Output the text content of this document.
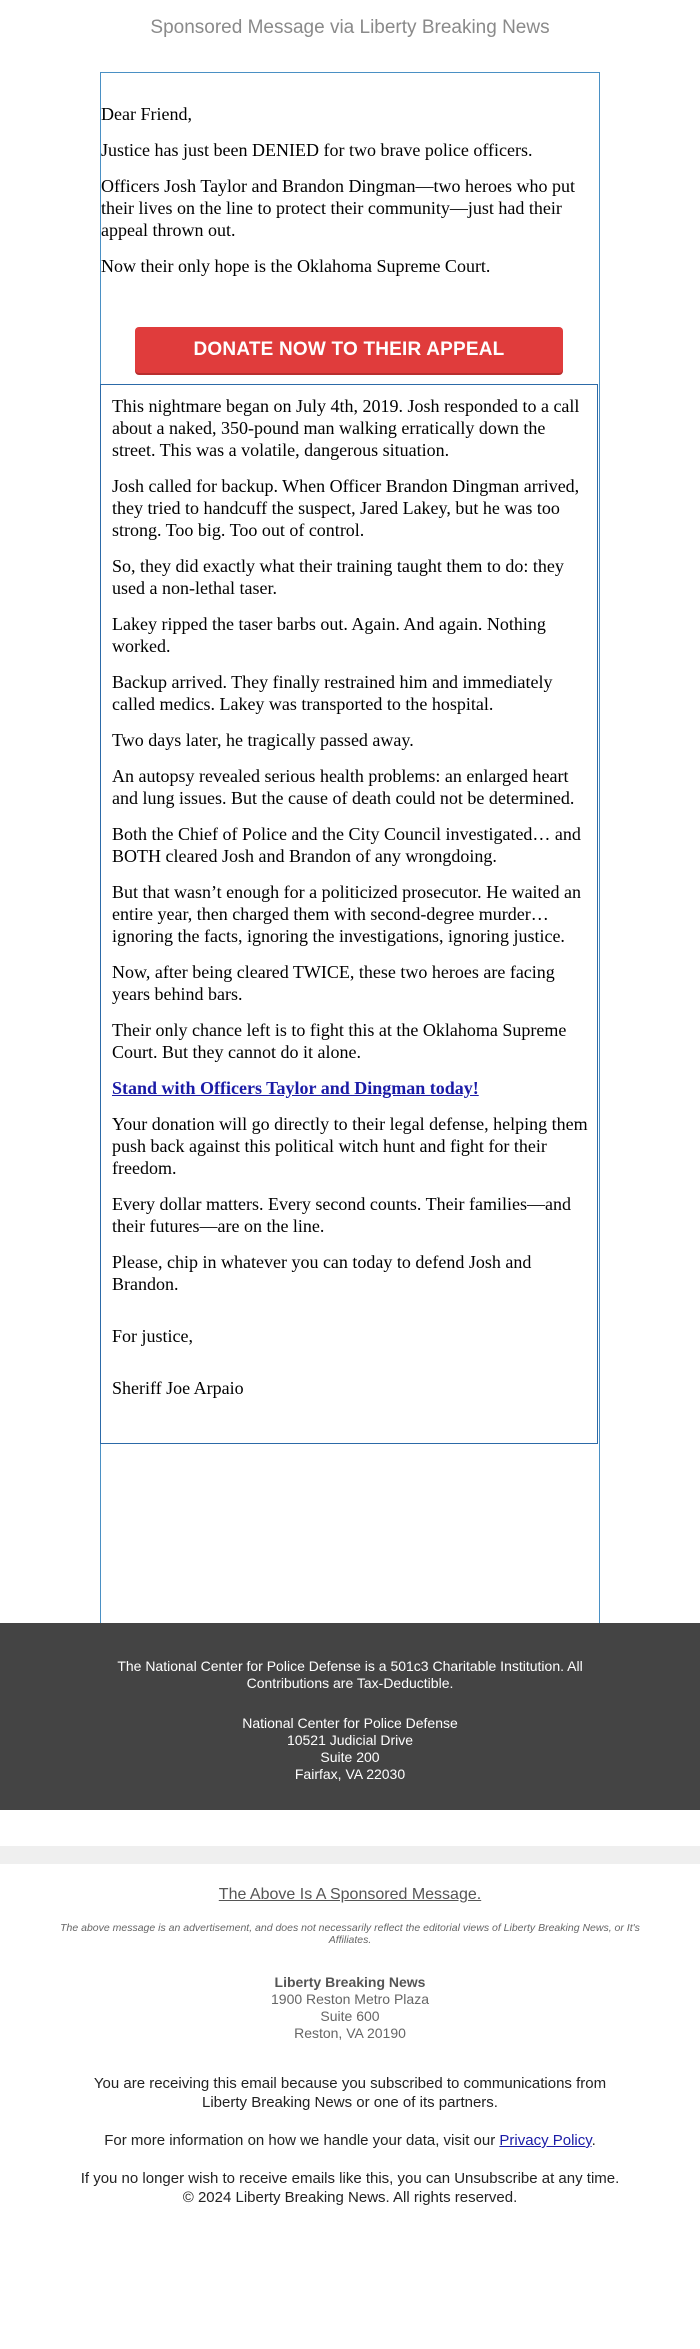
Sponsored Message via Liberty Breaking News

Dear Friend,

Justice has just been DENIED for two brave police officers.

Officers Josh Taylor and Brandon Dingman—two heroes who put their lives on the line to protect their community—just had their appeal thrown out.

Now their only hope is the Oklahoma Supreme Court.

DONATE NOW TO THEIR APPEAL

This nightmare began on July 4th, 2019. Josh responded to a call about a naked, 350-pound man walking erratically down the street. This was a volatile, dangerous situation.

Josh called for backup. When Officer Brandon Dingman arrived, they tried to handcuff the suspect, Jared Lakey, but he was too strong. Too big. Too out of control.

So, they did exactly what their training taught them to do: they used a non-lethal taser.

Lakey ripped the taser barbs out. Again. And again. Nothing worked.

Backup arrived. They finally restrained him and immediately called medics. Lakey was transported to the hospital.

Two days later, he tragically passed away.

An autopsy revealed serious health problems: an enlarged heart and lung issues. But the cause of death could not be determined.

Both the Chief of Police and the City Council investigated… and BOTH cleared Josh and Brandon of any wrongdoing.

But that wasn’t enough for a politicized prosecutor. He waited an entire year, then charged them with second-degree murder… ignoring the facts, ignoring the investigations, ignoring justice.

Now, after being cleared TWICE, these two heroes are facing years behind bars.

Their only chance left is to fight this at the Oklahoma Supreme Court. But they cannot do it alone.

Stand with Officers Taylor and Dingman today!

Your donation will go directly to their legal defense, helping them push back against this political witch hunt and fight for their freedom.

Every dollar matters. Every second counts. Their families—and their futures—are on the line.

Please, chip in whatever you can today to defend Josh and Brandon.

For justice,

Sheriff Joe Arpaio

The National Center for Police Defense is a 501c3 Charitable Institution. All Contributions are Tax-Deductible.
National Center for Police Defense
10521 Judicial Drive
Suite 200
Fairfax, VA 22030
The Above Is A Sponsored Message.
The above message is an advertisement, and does not necessarily reflect the editorial views of Liberty Breaking News, or It's Affiliates.
Liberty Breaking News
1900 Reston Metro Plaza
Suite 600
Reston, VA 20190

You are receiving this email because you subscribed to communications from Liberty Breaking News or one of its partners.

For more information on how we handle your data, visit our Privacy Policy.

If you no longer wish to receive emails like this, you can Unsubscribe at any time.

© 2024 Liberty Breaking News. All rights reserved.
